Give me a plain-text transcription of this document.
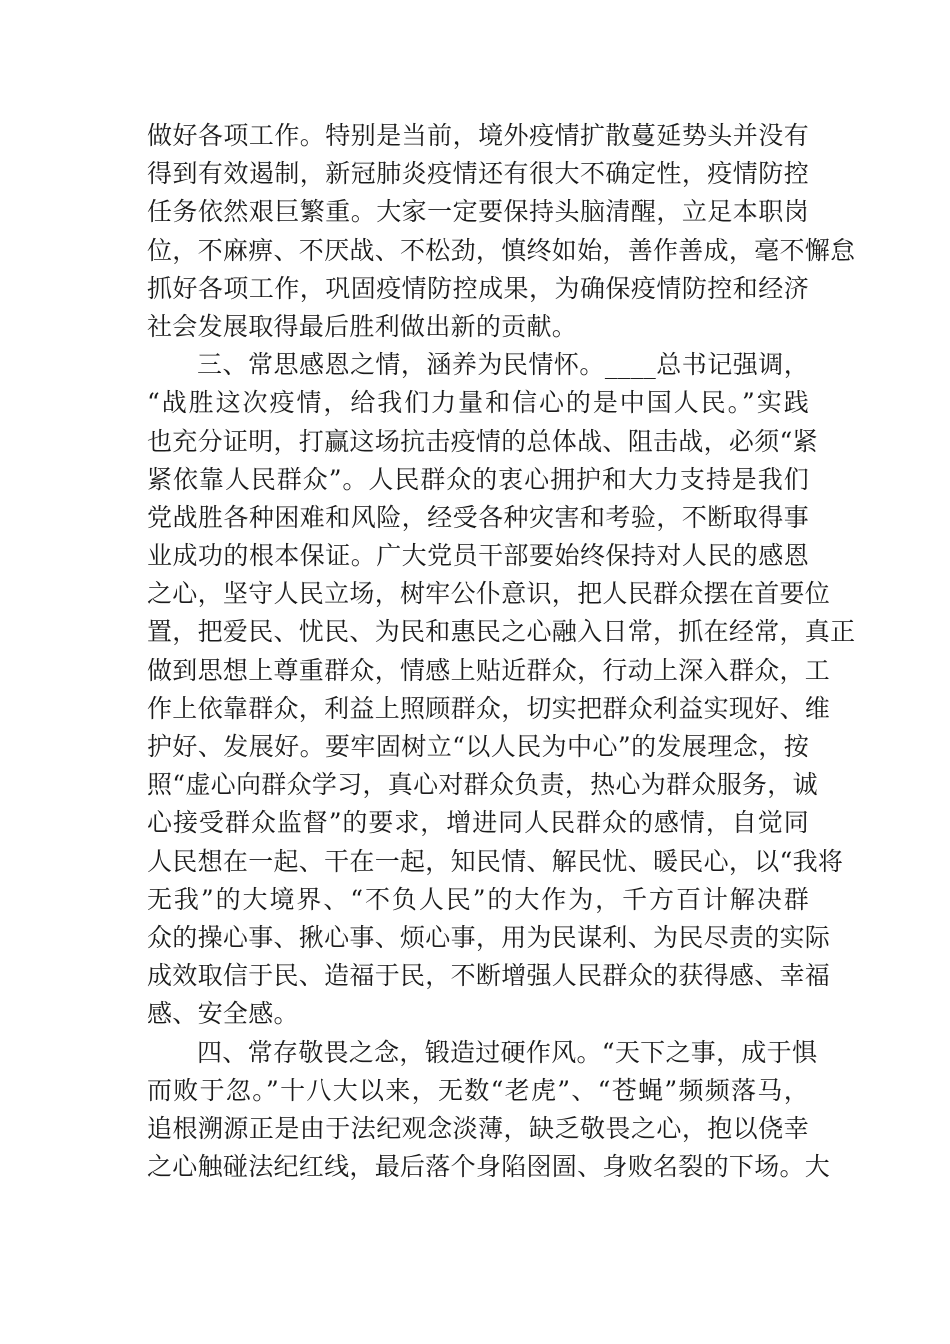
做好各项工作。特别是当前，境外疫情扩散蔓延势头并没有
得到有效遏制，新冠肺炎疫情还有很大不确定性，疫情防控
任务依然艰巨繁重。大家一定要保持头脑清醒，立足本职岗
位，不麻痹、不厌战、不松劲，慎终如始，善作善成，毫不懈怠
抓好各项工作，巩固疫情防控成果，为确保疫情防控和经济
社会发展取得最后胜利做出新的贡献。
三、常思感恩之情，涵养为民情怀。____总书记强调，
“战胜这次疫情，给我们力量和信心的是中国人民。”实践
也充分证明，打赢这场抗击疫情的总体战、阻击战，必须“紧
紧依靠人民群众”。人民群众的衷心拥护和大力支持是我们
党战胜各种困难和风险，经受各种灾害和考验，不断取得事
业成功的根本保证。广大党员干部要始终保持对人民的感恩
之心，坚守人民立场，树牢公仆意识，把人民群众摆在首要位
置，把爱民、忧民、为民和惠民之心融入日常，抓在经常，真正
做到思想上尊重群众，情感上贴近群众，行动上深入群众，工
作上依靠群众，利益上照顾群众，切实把群众利益实现好、维
护好、发展好。要牢固树立“以人民为中心”的发展理念，按
照“虚心向群众学习，真心对群众负责，热心为群众服务，诚
心接受群众监督”的要求，增进同人民群众的感情，自觉同
人民想在一起、干在一起，知民情、解民忧、暖民心，以“我将
无我”的大境界、“不负人民”的大作为，千方百计解决群
众的操心事、揪心事、烦心事，用为民谋利、为民尽责的实际
成效取信于民、造福于民，不断增强人民群众的获得感、幸福
感、安全感。
四、常存敬畏之念，锻造过硬作风。“天下之事，成于惧
而败于忽。”十八大以来，无数“老虎”、“苍蝇”频频落马，
追根溯源正是由于法纪观念淡薄，缺乏敬畏之心，抱以侥幸
之心触碰法纪红线，最后落个身陷囹圄、身败名裂的下场。大
